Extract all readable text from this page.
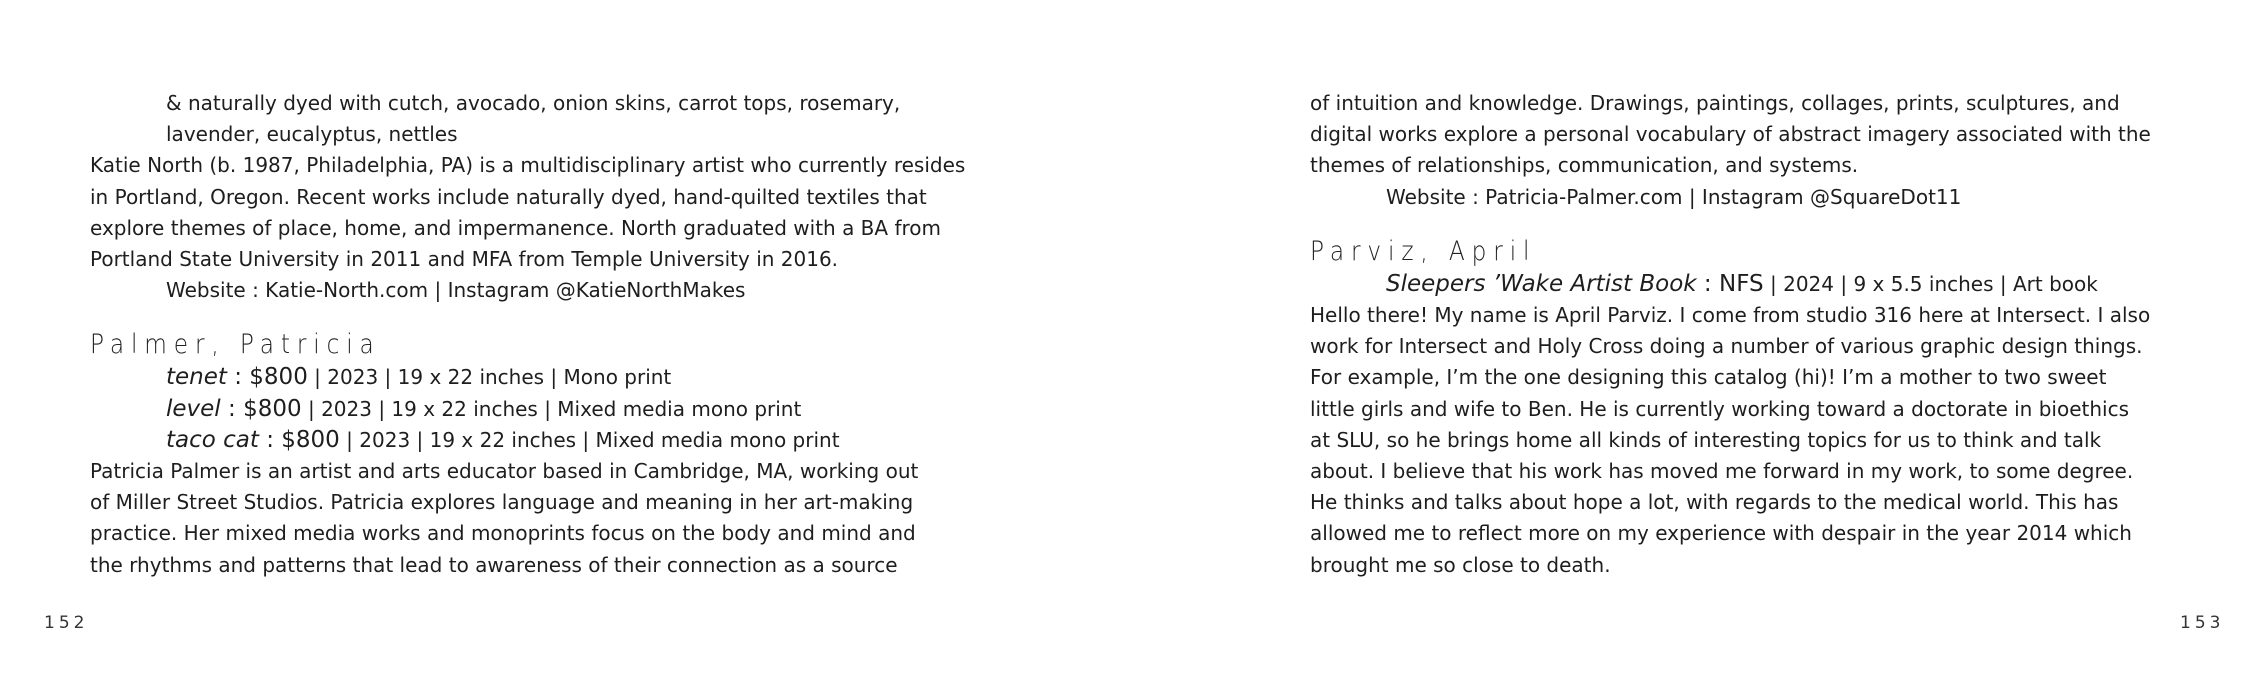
& naturally dyed with cutch, avocado, onion skins, carrot tops, rosemary,
lavender, eucalyptus, nettles
Katie North (b. 1987, Philadelphia, PA) is a multidisciplinary artist who currently resides
in Portland, Oregon. Recent works include naturally dyed, hand-quilted textiles that
explore themes of place, home, and impermanence. North graduated with a BA from
Portland State University in 2011 and MFA from Temple University in 2016.
Website : Katie-North.com | Instagram @KatieNorthMakes
Palmer, Patricia
tenet : $800 | 2023 | 19 x 22 inches | Mono print
level : $800 | 2023 | 19 x 22 inches | Mixed media mono print
taco cat : $800 | 2023 | 19 x 22 inches | Mixed media mono print
Patricia Palmer is an artist and arts educator based in Cambridge, MA, working out
of Miller Street Studios. Patricia explores language and meaning in her art-making
practice. Her mixed media works and monoprints focus on the body and mind and
the rhythms and patterns that lead to awareness of their connection as a source
of intuition and knowledge. Drawings, paintings, collages, prints, sculptures, and
digital works explore a personal vocabulary of abstract imagery associated with the
themes of relationships, communication, and systems.
Website : Patricia-Palmer.com | Instagram @SquareDot11
Parviz, April
Sleepers ’Wake Artist Book : NFS | 2024 | 9 x 5.5 inches | Art book
Hello there! My name is April Parviz. I come from studio 316 here at Intersect. I also
work for Intersect and Holy Cross doing a number of various graphic design things.
For example, I’m the one designing this catalog (hi)! I’m a mother to two sweet
little girls and wife to Ben. He is currently working toward a doctorate in bioethics
at SLU, so he brings home all kinds of interesting topics for us to think and talk
about. I believe that his work has moved me forward in my work, to some degree.
He thinks and talks about hope a lot, with regards to the medical world. This has
allowed me to reflect more on my experience with despair in the year 2014 which
brought me so close to death.
152	153
